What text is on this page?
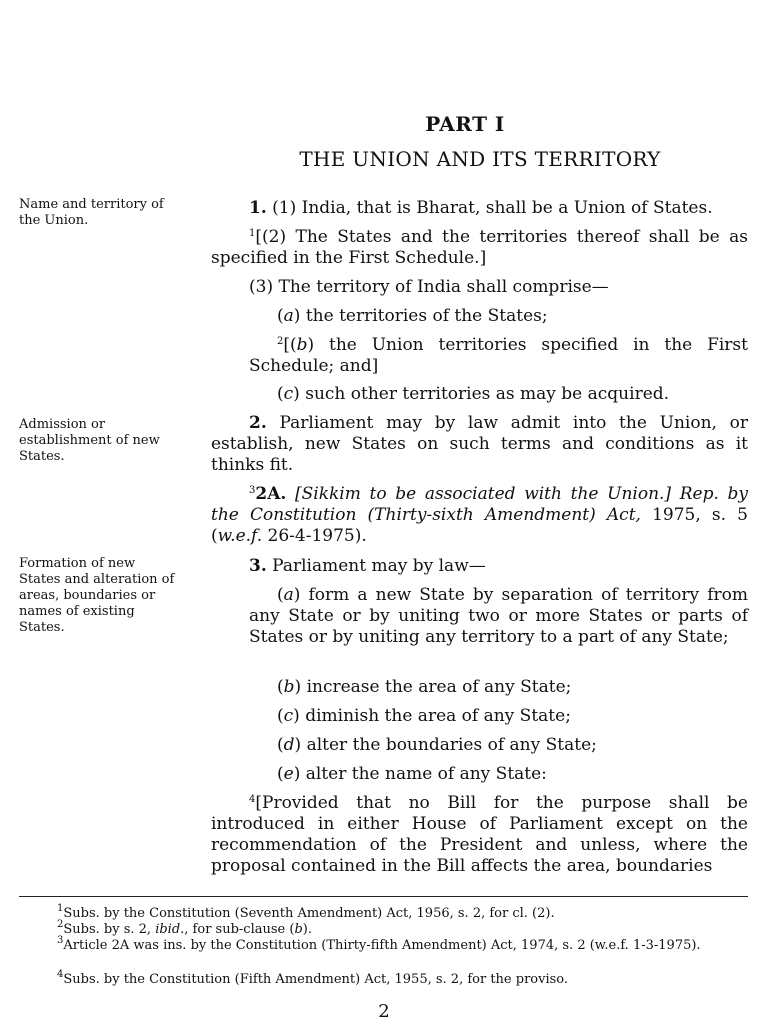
PART I
THE UNION AND ITS TERRITORY
Name and territory of the Union.
Admission or establishment of new States.
Formation of new States and alteration of areas, boundaries or names of existing States.
1. (1) India, that is Bharat, shall be a Union of States.
$^1$[(2) The States and the territories thereof shall be as specified in the First Schedule.]
(3) The territory of India shall comprise—
(a) the territories of the States;
$^2$[(b) the Union territories specified in the First Schedule; and]
(c) such other territories as may be acquired.
2. Parliament may by law admit into the Union, or establish, new States on such terms and conditions as it thinks fit.
$^3$2A. [Sikkim to be associated with the Union.] Rep. by the Constitution (Thirty-sixth Amendment) Act, 1975, s. 5 (w.e.f. 26-4-1975).
3. Parliament may by law—
(a) form a new State by separation of territory from any State or by uniting two or more States or parts of States or by uniting any territory to a part of any State;
(b) increase the area of any State;
(c) diminish the area of any State;
(d) alter the boundaries of any State;
(e) alter the name of any State:
$^4$[Provided that no Bill for the purpose shall be introduced in either House of Parliament except on the recommendation of the President and unless, where the proposal contained in the Bill affects the area, boundaries
$^1$Subs. by the Constitution (Seventh Amendment) Act, 1956, s. 2, for cl. (2).
$^2$Subs. by s. 2, ibid., for sub-clause (b).
$^3$Article 2A was ins. by the Constitution (Thirty-fifth Amendment) Act, 1974, s. 2 (w.e.f. 1-3-1975).
$^4$Subs. by the Constitution (Fifth Amendment) Act, 1955, s. 2, for the proviso.
2
